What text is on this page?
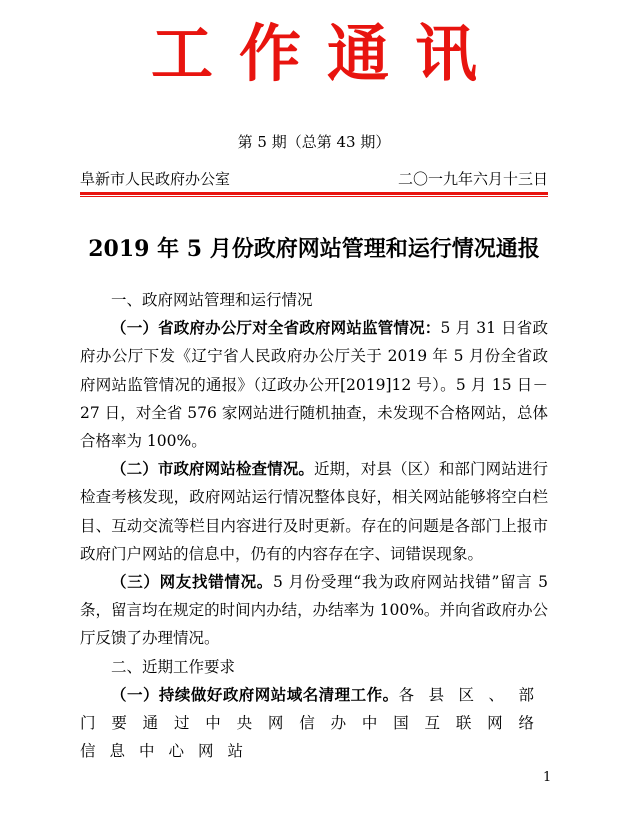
工作通讯
第 5 期（总第 43 期）
阜新市人民政府办公室	二〇一九年六月十三日
2019 年 5 月份政府网站管理和运行情况通报

一、政府网站管理和运行情况

（一）省政府办公厅对全省政府网站监管情况：5 月 31 日省政府办公厅下发《辽宁省人民政府办公厅关于 2019 年 5 月份全省政府网站监管情况的通报》（辽政办公开[2019]12 号）。5 月 15 日－27 日，对全省 576 家网站进行随机抽查，未发现不合格网站，总体合格率为 100%。

（二）市政府网站检查情况。近期，对县（区）和部门网站进行检查考核发现，政府网站运行情况整体良好，相关网站能够将空白栏目、互动交流等栏目内容进行及时更新。存在的问题是各部门上报市政府门户网站的信息中，仍有的内容存在字、词错误现象。

（三）网友找错情况。5 月份受理“我为政府网站找错”留言 5 条，留言均在规定的时间内办结，办结率为 100%。并向省政府办公厅反馈了办理情况。

二、近期工作要求

（一）持续做好政府网站域名清理工作。各县区、部门要通过中央网信办中国互联网络信息中心网站

1
